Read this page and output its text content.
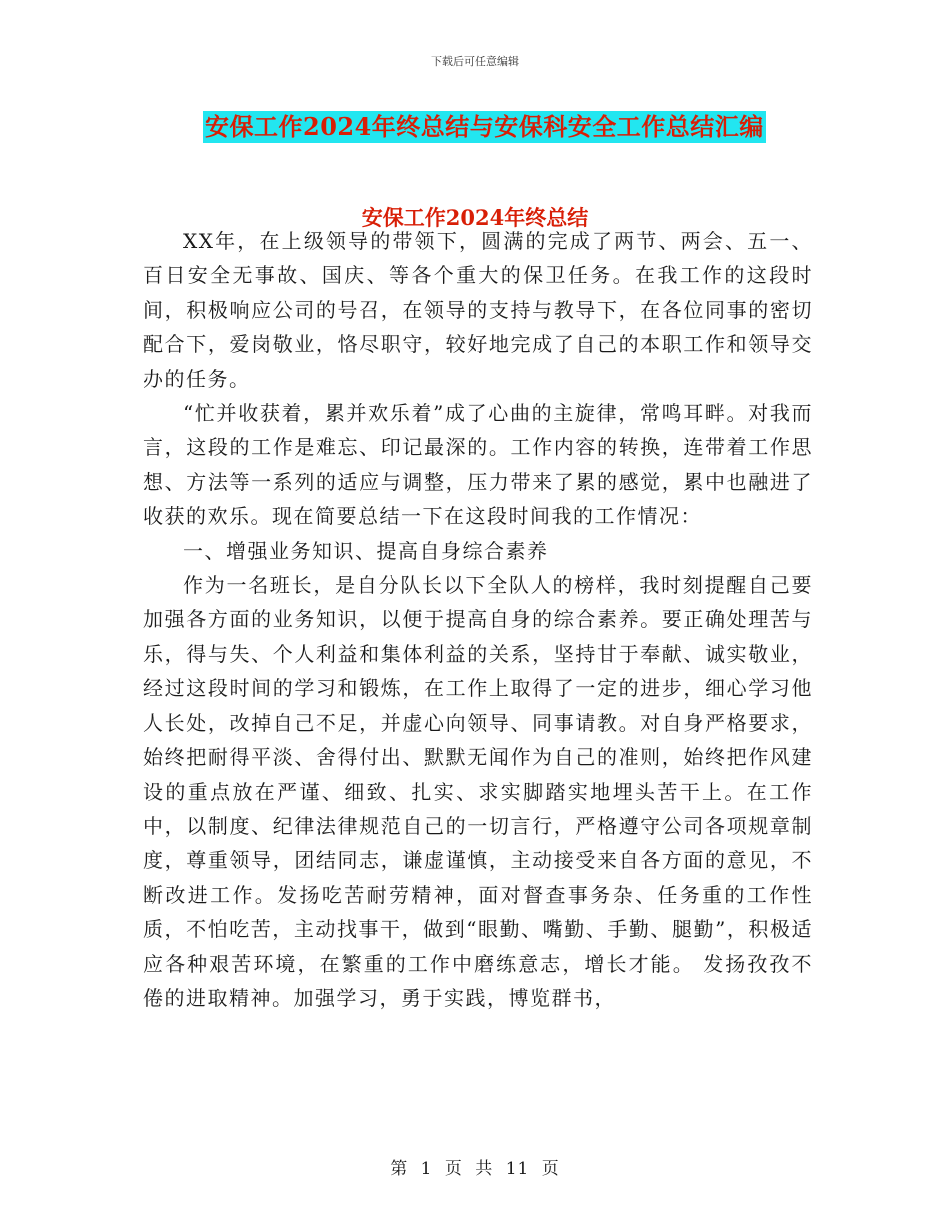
下载后可任意编辑
安保工作2024年终总结与安保科安全工作总结汇编
安保工作2024年终总结

XX年，在上级领导的带领下，圆满的完成了两节、两会、五一、百日安全无事故、国庆、等各个重大的保卫任务。在我工作的这段时间，积极响应公司的号召，在领导的支持与教导下，在各位同事的密切配合下，爱岗敬业，恪尽职守，较好地完成了自己的本职工作和领导交办的任务。

“忙并收获着，累并欢乐着”成了心曲的主旋律，常鸣耳畔。对我而言，这段的工作是难忘、印记最深的。工作内容的转换，连带着工作思想、方法等一系列的适应与调整，压力带来了累的感觉，累中也融进了收获的欢乐。现在简要总结一下在这段时间我的工作情况：

一、增强业务知识、提高自身综合素养

作为一名班长，是自分队长以下全队人的榜样，我时刻提醒自己要加强各方面的业务知识，以便于提高自身的综合素养。要正确处理苦与乐，得与失、个人利益和集体利益的关系，坚持甘于奉献、诚实敬业，经过这段时间的学习和锻炼，在工作上取得了一定的进步，细心学习他人长处，改掉自己不足，并虚心向领导、同事请教。对自身严格要求，始终把耐得平淡、舍得付出、默默无闻作为自己的准则，始终把作风建设的重点放在严谨、细致、扎实、求实脚踏实地埋头苦干上。在工作中，以制度、纪律法律规范自己的一切言行，严格遵守公司各项规章制度，尊重领导，团结同志，谦虚谨慎，主动接受来自各方面的意见，不断改进工作。发扬吃苦耐劳精神，面对督查事务杂、任务重的工作性质，不怕吃苦，主动找事干，做到“眼勤、嘴勤、手勤、腿勤”，积极适应各种艰苦环境，在繁重的工作中磨练意志，增长才能。 发扬孜孜不倦的进取精神。加强学习，勇于实践，博览群书，

第 1 页 共 11 页
